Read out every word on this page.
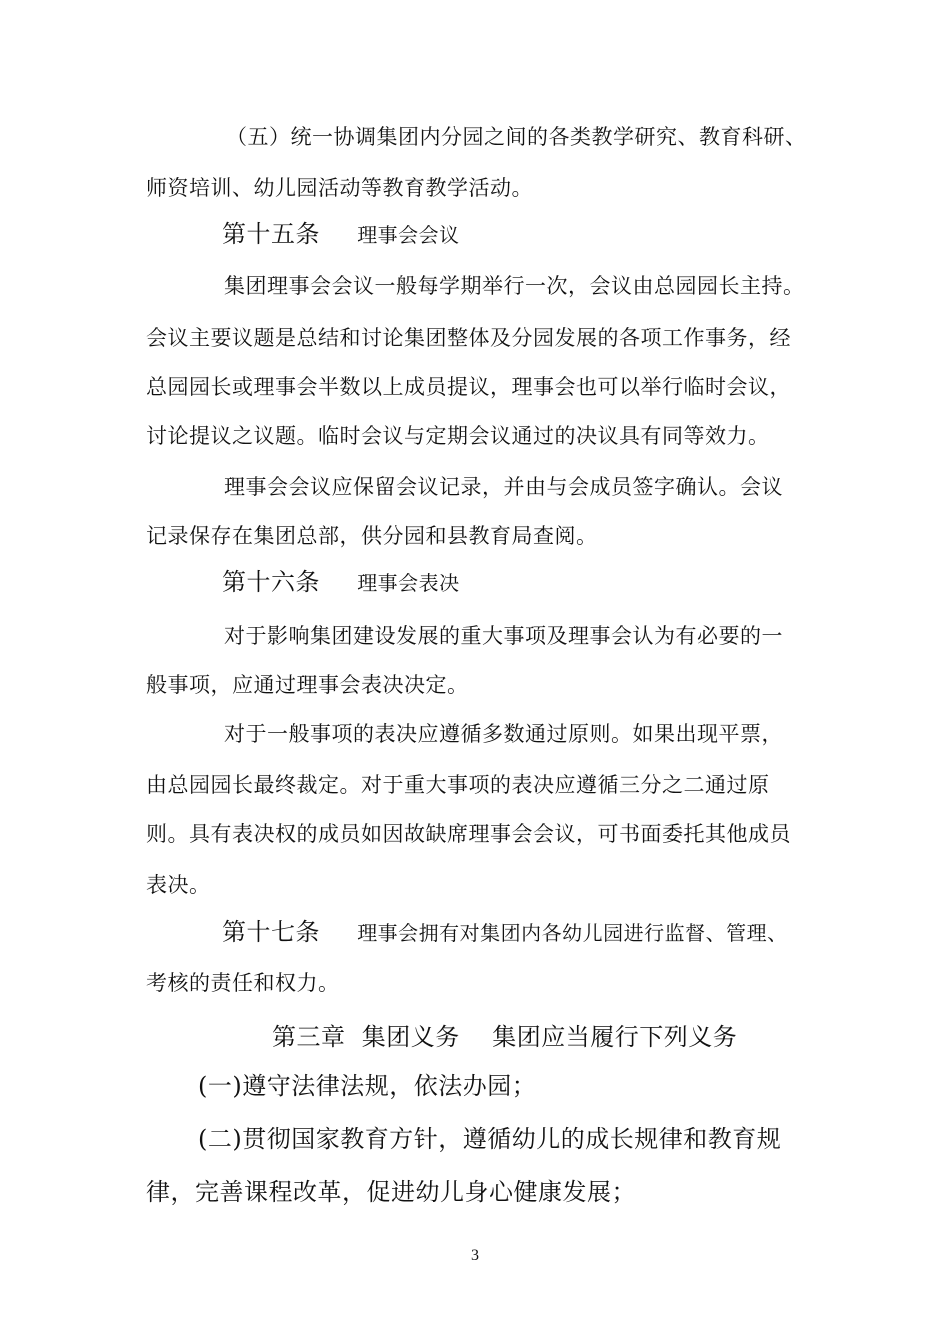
（五）统一协调集团内分园之间的各类教学研究、教育科研、
师资培训、幼儿园活动等教育教学活动。
第十五条 理事会会议
集团理事会会议一般每学期举行一次，会议由总园园长主持。
会议主要议题是总结和讨论集团整体及分园发展的各项工作事务，经
总园园长或理事会半数以上成员提议，理事会也可以举行临时会议，
讨论提议之议题。临时会议与定期会议通过的决议具有同等效力。
理事会会议应保留会议记录，并由与会成员签字确认。会议
记录保存在集团总部，供分园和县教育局查阅。
第十六条 理事会表决
对于影响集团建设发展的重大事项及理事会认为有必要的一
般事项，应通过理事会表决决定。
对于一般事项的表决应遵循多数通过原则。如果出现平票，
由总园园长最终裁定。对于重大事项的表决应遵循三分之二通过原
则。具有表决权的成员如因故缺席理事会会议，可书面委托其他成员
表决。
第十七条 理事会拥有对集团内各幼儿园进行监督、管理、
考核的责任和权力。
第三章  集团义务    集团应当履行下列义务
(一)遵守法律法规，依法办园；
(二)贯彻国家教育方针，遵循幼儿的成长规律和教育规
律，完善课程改革，促进幼儿身心健康发展；
3
